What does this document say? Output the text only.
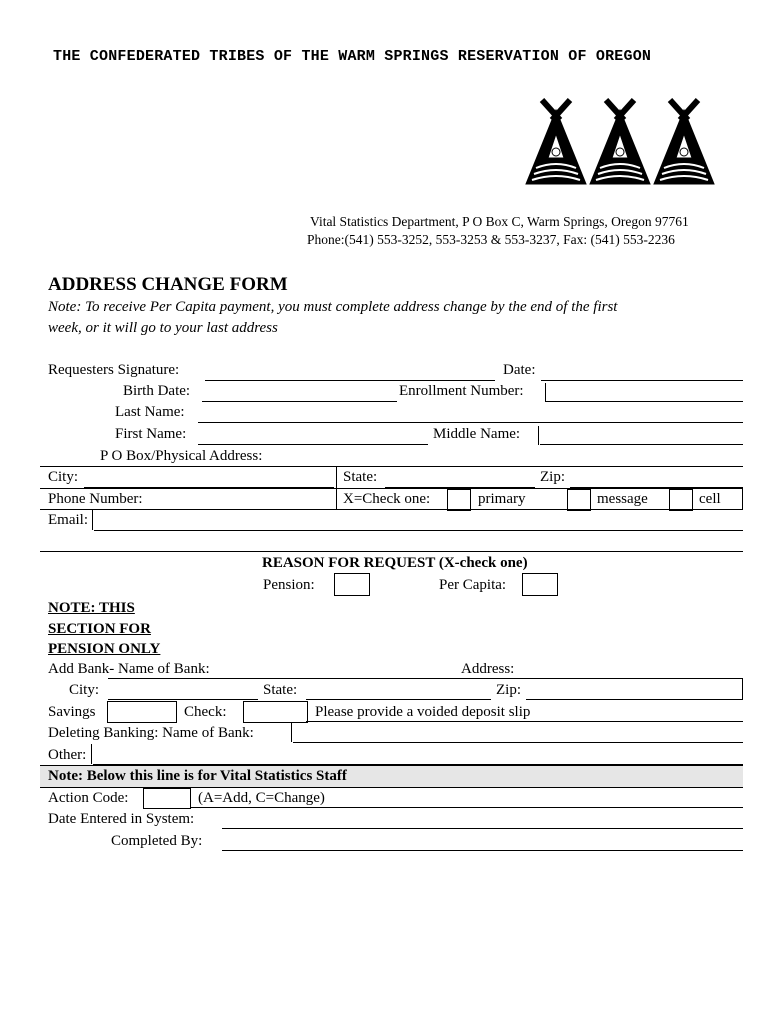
THE CONFEDERATED TRIBES OF THE WARM SPRINGS RESERVATION OF OREGON
Vital Statistics Department, P O Box C, Warm Springs, Oregon 97761
Phone:(541) 553-3252, 553-3253 & 553-3237, Fax: (541) 553-2236
ADDRESS CHANGE FORM
Note: To receive Per Capita payment, you must complete address change by the end of the first
week, or it will go to your last address
Requesters Signature:	Date:
Birth Date:	Enrollment Number:
Last Name:
First Name:	Middle Name:
P O Box/Physical Address:
City:	State:	Zip:
Phone Number:	X=Check one:	primary	message	cell
Email:
REASON FOR REQUEST (X-check one)
Pension:	Per Capita:
NOTE: THIS
SECTION FOR
PENSION ONLY
Add Bank- Name of Bank:	Address:
City:	State:	Zip:
Savings	Check:	Please provide a voided deposit slip
Deleting Banking: Name of Bank:
Other:
Note: Below this line is for Vital Statistics Staff
Action Code:	(A=Add, C=Change)
Date Entered in System:
Completed By:
